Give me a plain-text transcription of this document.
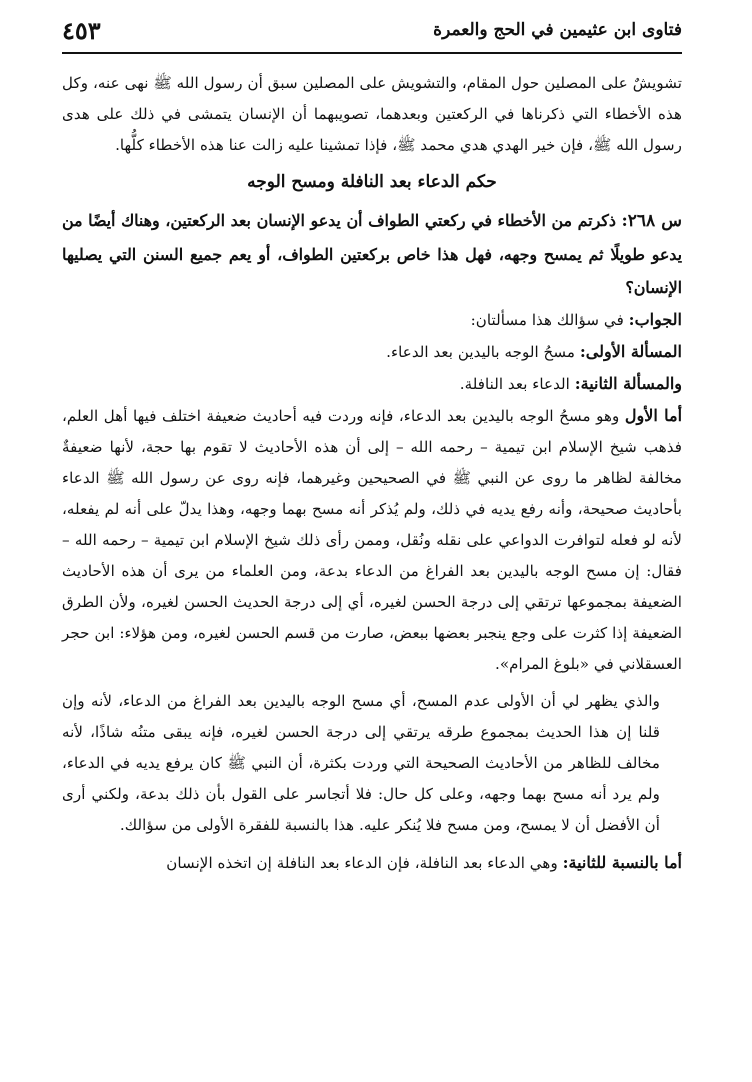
فتاوى ابن عثيمين في الحج والعمرة
٤٥٣

تشويشٌ على المصلين حول المقام، والتشويش على المصلين سبق أن رسول الله ﷺ نهى عنه، وكل هذه الأخطاء التي ذكرناها في الركعتين وبعدهما، تصويبهما أن الإنسان يتمشى في ذلك على هدى رسول الله ﷺ، فإن خير الهدي هدي محمد ﷺ، فإذا تمشينا عليه زالت عنا هذه الأخطاء كلُّها.

حكم الدعاء بعد النافلة ومسح الوجه

س ٢٦٨: ذكرتم من الأخطاء في ركعتي الطواف أن يدعو الإنسان بعد الركعتين، وهناك أيضًا من يدعو طويلًا ثم يمسح وجهه، فهل هذا خاص بركعتين الطواف، أو يعم جميع السنن التي يصليها الإنسان؟

الجواب: في سؤالك هذا مسألتان:

المسألة الأولى: مسحُ الوجه باليدين بعد الدعاء.

والمسألة الثانية: الدعاء بعد النافلة.

أما الأول وهو مسحُ الوجه باليدين بعد الدعاء، فإنه وردت فيه أحاديث ضعيفة اختلف فيها أهل العلم، فذهب شيخ الإسلام ابن تيمية – رحمه الله – إلى أن هذه الأحاديث لا تقوم بها حجة، لأنها ضعيفةٌ مخالفة لظاهر ما روى عن النبي ﷺ في الصحيحين وغيرهما، فإنه روى عن رسول الله ﷺ الدعاء بأحاديث صحيحة، وأنه رفع يديه في ذلك، ولم يُذكر أنه مسح بهما وجهه، وهذا يدلّ على أنه لم يفعله، لأنه لو فعله لتوافرت الدواعي على نقله ونُقل، وممن رأى ذلك شيخ الإسلام ابن تيمية – رحمه الله – فقال: إن مسح الوجه باليدين بعد الفراغ من الدعاء بدعة، ومن العلماء من يرى أن هذه الأحاديث الضعيفة بمجموعها ترتقي إلى درجة الحسن لغيره، أي إلى درجة الحديث الحسن لغيره، ولأن الطرق الضعيفة إذا كثرت على وجع ينجبر بعضها ببعض، صارت من قسم الحسن لغيره، ومن هؤلاء: ابن حجر العسقلاني في «بلوغ المرام».

والذي يظهر لي أن الأولى عدم المسح، أي مسح الوجه باليدين بعد الفراغ من الدعاء، لأنه وإن قلنا إن هذا الحديث بمجموع طرقه يرتقي إلى درجة الحسن لغيره، فإنه يبقى متنُه شاذًا، لأنه مخالف للظاهر من الأحاديث الصحيحة التي وردت بكثرة، أن النبي ﷺ كان يرفع يديه في الدعاء، ولم يرد أنه مسح بهما وجهه، وعلى كل حال: فلا أتجاسر على القول بأن ذلك بدعة، ولكني أرى أن الأفضل أن لا يمسح، ومن مسح فلا يُنكر عليه. هذا بالنسبة للفقرة الأولى من سؤالك.

أما بالنسبة للثانية: وهي الدعاء بعد النافلة، فإن الدعاء بعد النافلة إن اتخذه الإنسان
